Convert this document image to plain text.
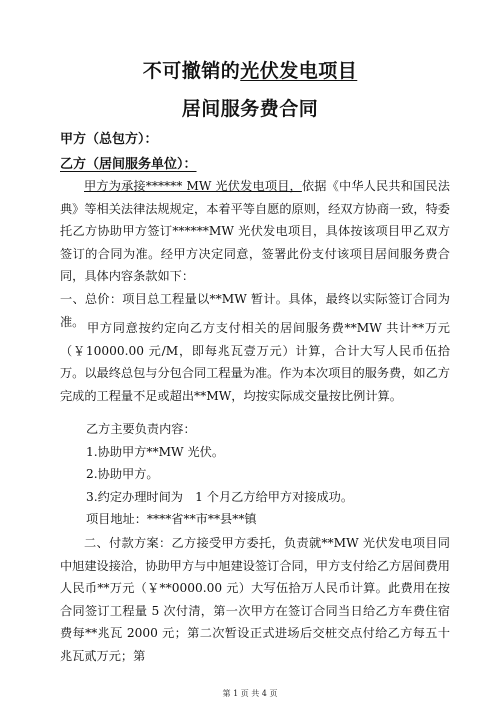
不可撤销的光伏发电项目
居间服务费合同
甲方（总包方）：
乙方（居间服务单位）：

甲方为承接****** MW 光伏发电项目，依据《中华人民共和国民法典》等相关法律法规规定，本着平等自愿的原则，经双方协商一致，特委托乙方协助甲方签订******MW 光伏发电项目，具体按该项目甲乙双方签订的合同为准。经甲方决定同意，签署此份支付该项目居间服务费合同，具体内容条款如下：

一、总价：项目总工程量以**MW 暂计。具体，最终以实际签订合同为准。 甲方同意按约定向乙方支付相关的居间服务费**MW 共计**万元（￥10000.00 元/M，即每兆瓦壹万元）计算，合计大写人民币伍拾万。以最终总包与分包合同工程量为准。作为本次项目的服务费，如乙方完成的工程量不足或超出**MW，均按实际成交量按比例计算。

乙方主要负责内容：

1.协助甲方**MW 光伏。

2.协助甲方。

3.约定办理时间为　1 个月乙方给甲方对接成功。

项目地址：****省**市**县**镇

二、付款方案：乙方接受甲方委托，负责就**MW 光伏发电项目同中旭建设接洽，协助甲方与中旭建设签订合同，甲方支付给乙方居间费用人民币**万元（￥**0000.00 元）大写伍拾万人民币计算。此费用在按合同签订工程量 5 次付清，第一次甲方在签订合同当日给乙方车费住宿费每**兆瓦 2000 元；第二次暂设正式进场后交桩交点付给乙方每五十兆瓦贰万元；第

第 1 页 共 4 页
